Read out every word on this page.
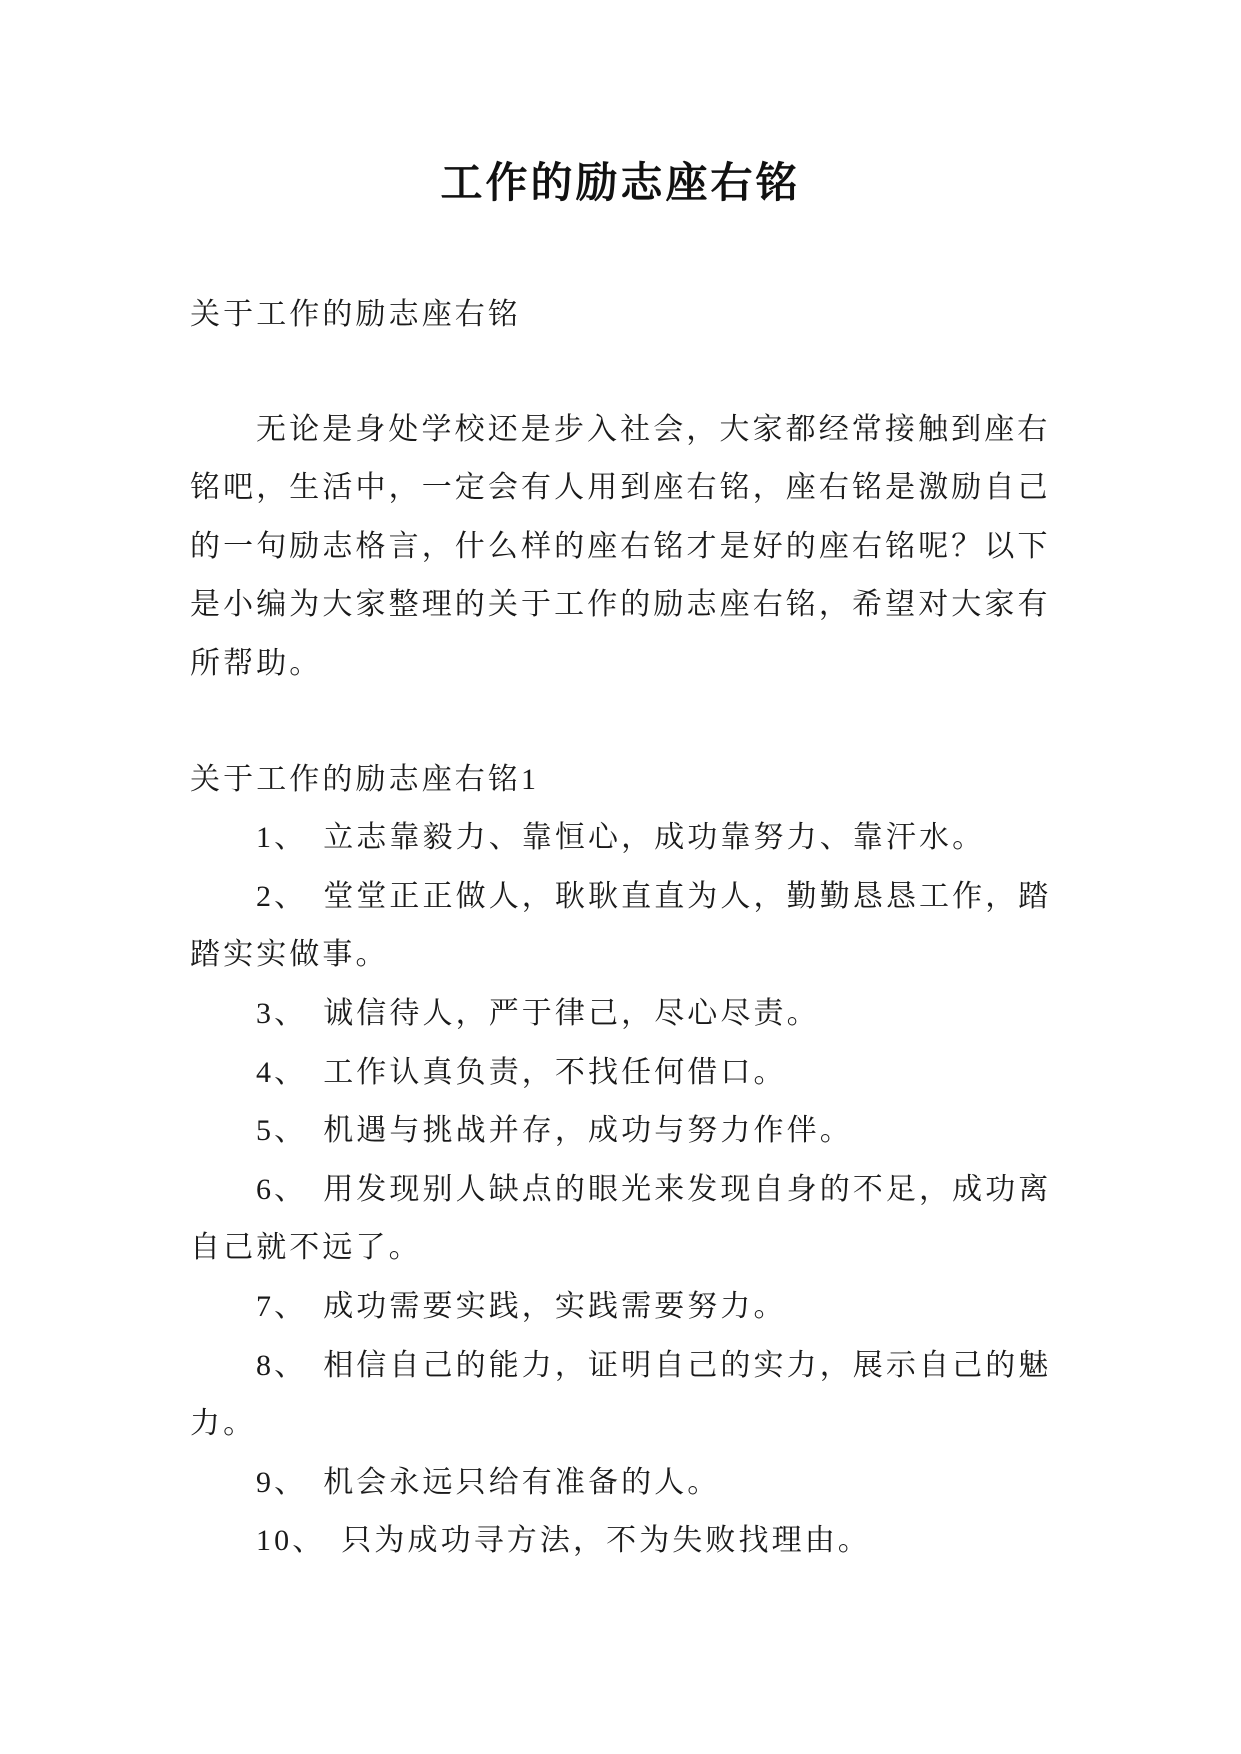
工作的励志座右铭
关于工作的励志座右铭
无论是身处学校还是步入社会，大家都经常接触到座右
铭吧，生活中，一定会有人用到座右铭，座右铭是激励自己
的一句励志格言，什么样的座右铭才是好的座右铭呢？以下
是小编为大家整理的关于工作的励志座右铭，希望对大家有
所帮助。
关于工作的励志座右铭1
1、 立志靠毅力、靠恒心，成功靠努力、靠汗水。
2、 堂堂正正做人，耿耿直直为人，勤勤恳恳工作，踏
踏实实做事。
3、 诚信待人，严于律己，尽心尽责。
4、 工作认真负责，不找任何借口。
5、 机遇与挑战并存，成功与努力作伴。
6、 用发现别人缺点的眼光来发现自身的不足，成功离
自己就不远了。
7、 成功需要实践，实践需要努力。
8、 相信自己的能力，证明自己的实力，展示自己的魅
力。
9、 机会永远只给有准备的人。
10、 只为成功寻方法，不为失败找理由。
